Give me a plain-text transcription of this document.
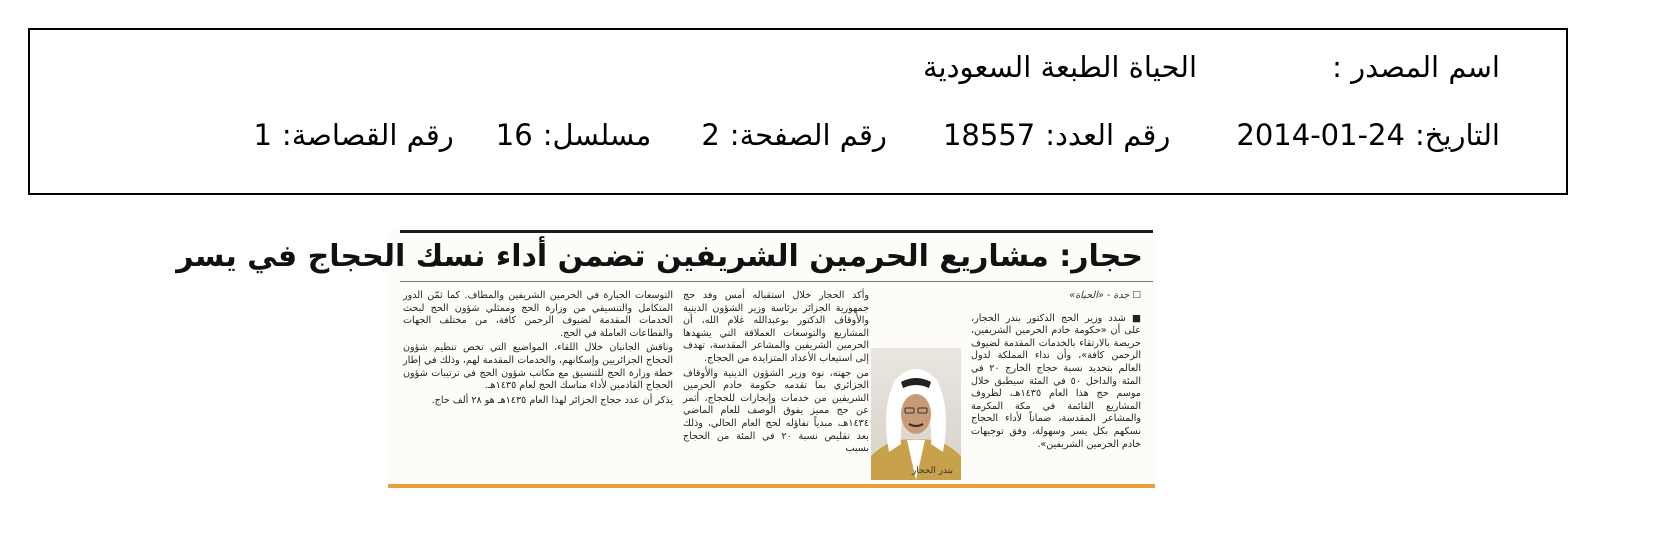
اسم المصدر :
الحياة الطبعة السعودية
التاريخ :
2014-01-24
رقم العدد :
18557
رقم الصفحة :
2
مسلسل :
16
رقم القصاصة :
1
حجار: مشاريع الحرمين الشريفين تضمن أداء نسك الحجاج في يسر
☐ جدة - «الحياة»

■ شدد وزير الحج الدكتور بندر الحجار، على أن «حكومة خادم الحرمين الشريفين، حريصة بالارتقاء بالخدمات المقدمة لضيوف الرحمن كافة»، وأن نداء المملكة لدول العالم بتحديد نسبة حجاج الخارج ٢٠ في المئة والداخل ٥٠ في المئة سيطبق خلال موسم حج هذا العام ١٤٣٥هـ، لظروف المشاريع القائمة في مكة المكرمة والمشاعر المقدسة، ضماناً لأداء الحجاج نسكهم بكل يسر وسهولة، وفق توجيهات خادم الحرمين الشريفين».

بندر الحجار

وأكد الحجار خلال استقباله أمس وفد حج جمهورية الجزائر برئاسة وزير الشؤون الدينية والأوقاف الدكتور بوعبدالله غلام الله، أن المشاريع والتوسعات العملاقة التي يشهدها الحرمين الشريفين والمشاعر المقدسة، تهدف إلى استيعاب الأعداد المتزايدة من الحجاج.

من جهته، نوه وزير الشؤون الدينية والأوقاف الجزائري بما تقدمه حكومة خادم الحرمين الشريفين من خدمات وإنجازات للحجاج، أثمر عن حج مميز يفوق الوصف للعام الماضي ١٤٣٤هـ، مبدياً تفاؤله لحج العام الحالي، وذلك بعد تقليص نسبة ٢٠ في المئة من الحجاج بسبب

التوسعات الجبارة في الحرمين الشريفين والمطاف. كما ثمّن الدور المتكامل والتنسيقي من وزارة الحج وممثلي شؤون الحج لبحث الخدمات المقدمة لضيوف الرحمن كافة، من مختلف الجهات والقطاعات العاملة في الحج.

وناقش الجانبان خلال اللقاء، المواضيع التي تخص تنظيم شؤون الحجاج الجزائريين وإسكانهم، والخدمات المقدمة لهم، وذلك في إطار خطة وزارة الحج للتنسيق مع مكاتب شؤون الحج في ترتيبات شؤون الحجاج القادمين لأداء مناسك الحج لعام ١٤٣٥هـ.

يذكر أن عدد حجاج الجزائر لهذا العام ١٤٣٥هـ هو ٢٨ ألف حاج.
